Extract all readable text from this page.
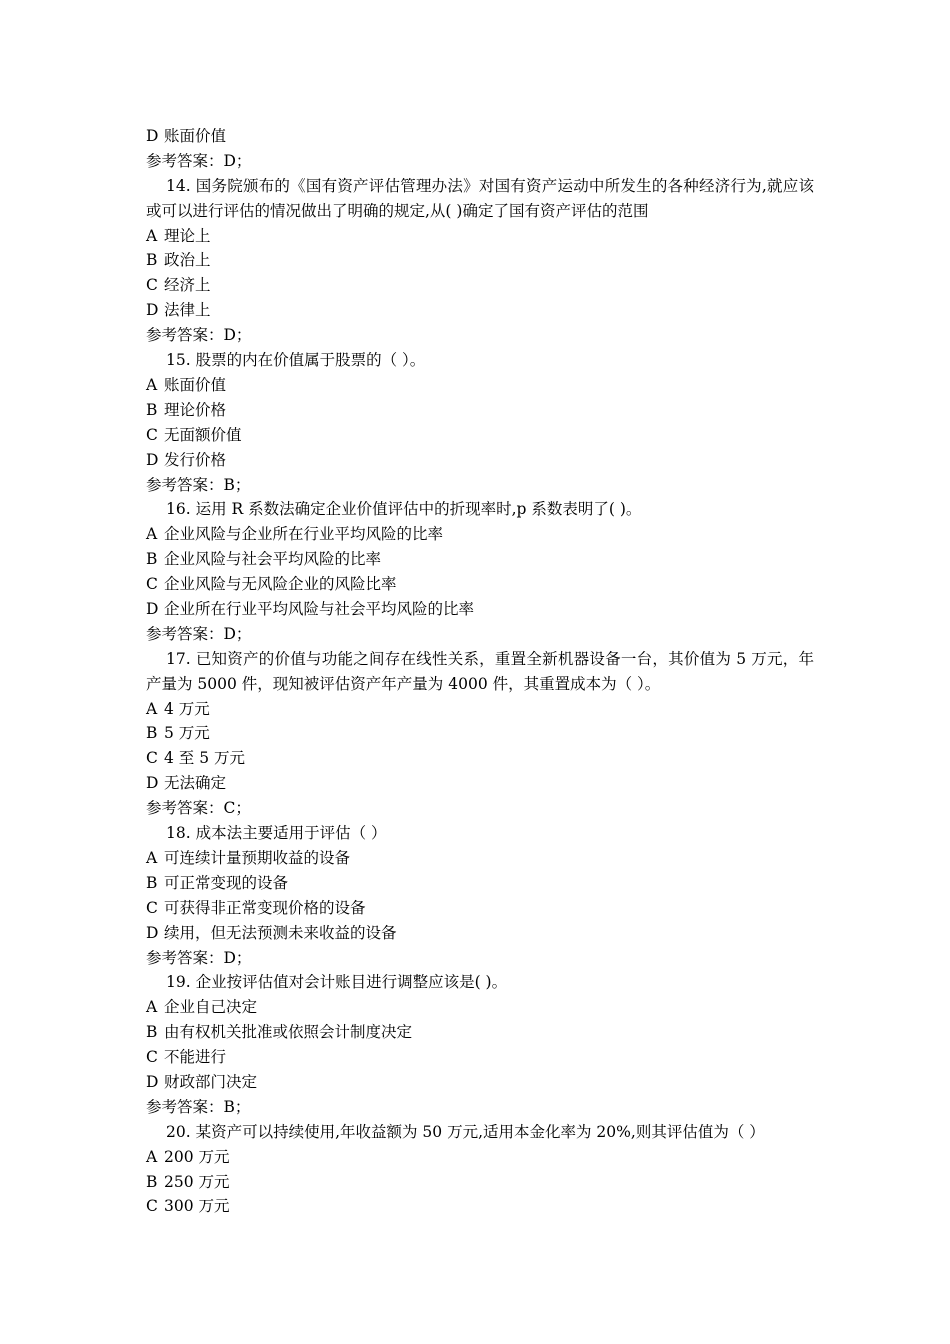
D 账面价值
参考答案：D；
14. 国务院颁布的《国有资产评估管理办法》对国有资产运动中所发生的各种经济行为,就应该或可以进行评估的情况做出了明确的规定,从( )确定了国有资产评估的范围
A 理论上
B 政治上
C 经济上
D 法律上
参考答案：D；
15. 股票的内在价值属于股票的（ ）。
A 账面价值
B 理论价格
C 无面额价值
D 发行价格
参考答案：B；
16. 运用 R 系数法确定企业价值评估中的折现率时,p 系数表明了( )。
A 企业风险与企业所在行业平均风险的比率
B 企业风险与社会平均风险的比率
C 企业风险与无风险企业的风险比率
D 企业所在行业平均风险与社会平均风险的比率
参考答案：D；
17. 已知资产的价值与功能之间存在线性关系，重置全新机器设备一台，其价值为 5 万元，年产量为 5000 件，现知被评估资产年产量为 4000 件，其重置成本为（ ）。
A 4 万元
B 5 万元
C 4 至 5 万元
D 无法确定
参考答案：C；
18. 成本法主要适用于评估（ ）
A 可连续计量预期收益的设备
B 可正常变现的设备
C 可获得非正常变现价格的设备
D 续用，但无法预测未来收益的设备
参考答案：D；
19. 企业按评估值对会计账目进行调整应该是( )。
A 企业自己决定
B 由有权机关批准或依照会计制度决定
C 不能进行
D 财政部门决定
参考答案：B；
20. 某资产可以持续使用,年收益额为 50 万元,适用本金化率为 20%,则其评估值为（ ）
A 200 万元
B 250 万元
C 300 万元
